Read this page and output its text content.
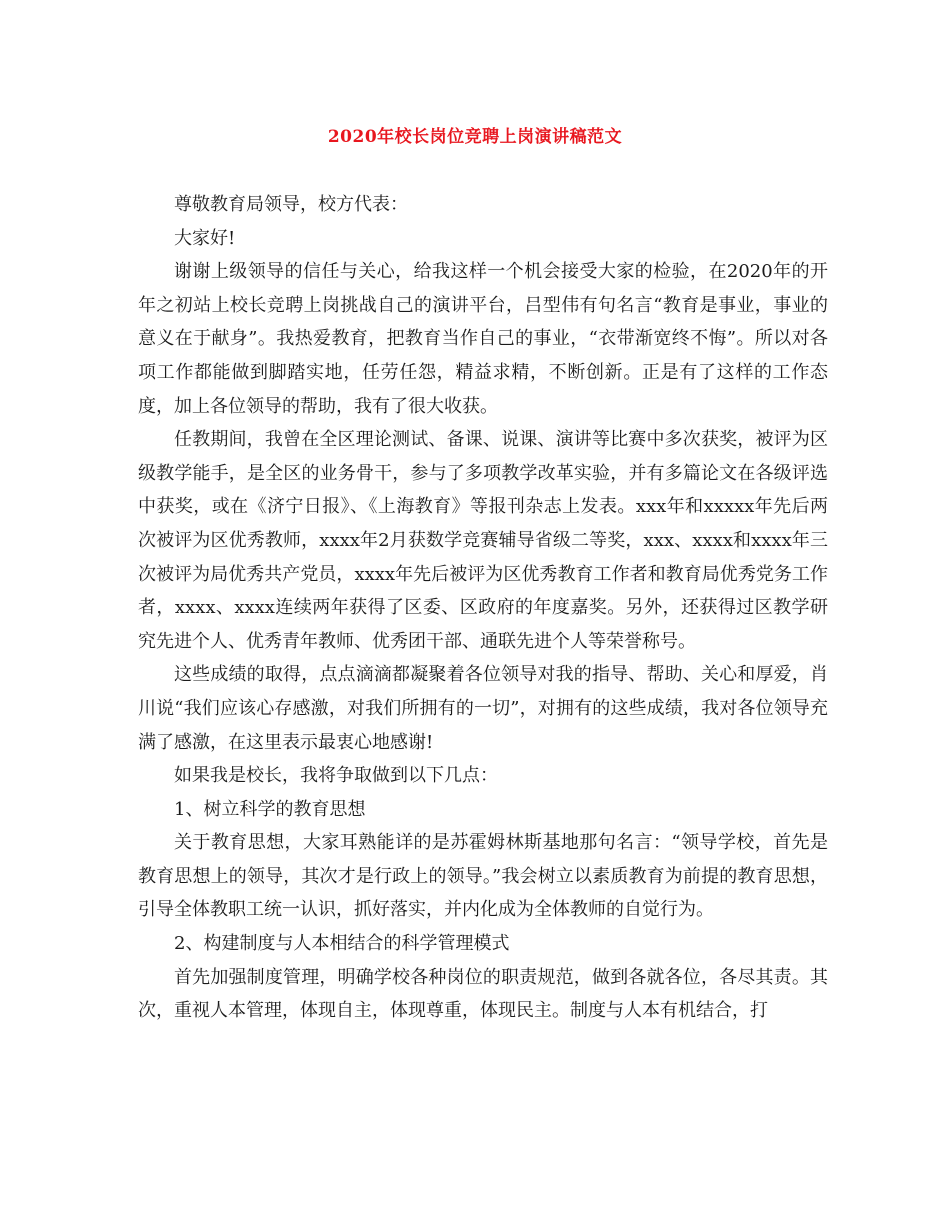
2020年校长岗位竞聘上岗演讲稿范文

尊敬教育局领导，校方代表：

大家好!

谢谢上级领导的信任与关心，给我这样一个机会接受大家的检验，在2020年的开年之初站上校长竞聘上岗挑战自己的演讲平台，吕型伟有句名言“教育是事业，事业的意义在于献身”。我热爱教育，把教育当作自己的事业，“衣带渐宽终不悔”。所以对各项工作都能做到脚踏实地，任劳任怨，精益求精，不断创新。正是有了这样的工作态度，加上各位领导的帮助，我有了很大收获。

任教期间，我曾在全区理论测试、备课、说课、演讲等比赛中多次获奖，被评为区级教学能手，是全区的业务骨干，参与了多项教学改革实验，并有多篇论文在各级评选中获奖，或在《济宁日报》、《上海教育》等报刊杂志上发表。xxx年和xxxxx年先后两次被评为区优秀教师，xxxx年2月获数学竞赛辅导省级二等奖，xxx、xxxx和xxxx年三次被评为局优秀共产党员，xxxx年先后被评为区优秀教育工作者和教育局优秀党务工作者，xxxx、xxxx连续两年获得了区委、区政府的年度嘉奖。另外，还获得过区教学研究先进个人、优秀青年教师、优秀团干部、通联先进个人等荣誉称号。

这些成绩的取得，点点滴滴都凝聚着各位领导对我的指导、帮助、关心和厚爱，肖川说“我们应该心存感激，对我们所拥有的一切”，对拥有的这些成绩，我对各位领导充满了感激，在这里表示最衷心地感谢!

如果我是校长，我将争取做到以下几点：

1、树立科学的教育思想

关于教育思想，大家耳熟能详的是苏霍姆林斯基地那句名言：“领导学校，首先是教育思想上的领导，其次才是行政上的领导。”我会树立以素质教育为前提的教育思想，引导全体教职工统一认识，抓好落实，并内化成为全体教师的自觉行为。

2、构建制度与人本相结合的科学管理模式

首先加强制度管理，明确学校各种岗位的职责规范，做到各就各位，各尽其责。其次，重视人本管理，体现自主，体现尊重，体现民主。制度与人本有机结合，打
